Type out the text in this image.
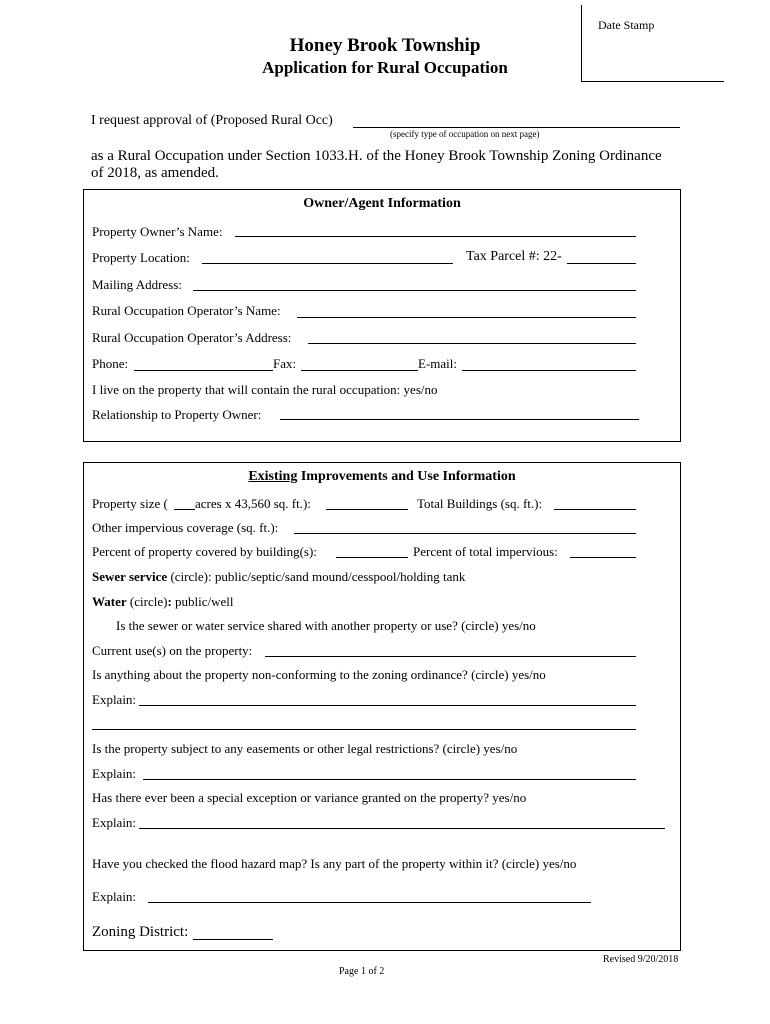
Date Stamp
Honey Brook Township
Application for Rural Occupation
I request approval of (Proposed Rural Occ)
(specify type of occupation on next page)
as a Rural Occupation under Section 1033.H. of the Honey Brook Township Zoning Ordinance
of 2018, as amended.
Owner/Agent Information
Property Owner’s Name:
Property Location:	Tax Parcel #: 22-
Mailing Address:
Rural Occupation Operator’s Name:
Rural Occupation Operator’s Address:
Phone:	Fax:	E-mail:
I live on the property that will contain the rural occupation: yes/no
Relationship to Property Owner:
Existing Improvements and Use Information
Property size ( acres x 43,560 sq. ft.):	Total Buildings (sq. ft.):
Other impervious coverage (sq. ft.):
Percent of property covered by building(s):	Percent of total impervious:
Sewer service (circle): public/septic/sand mound/cesspool/holding tank
Water (circle): public/well
Is the sewer or water service shared with another property or use? (circle) yes/no
Current use(s) on the property:
Is anything about the property non-conforming to the zoning ordinance? (circle) yes/no
Explain:
Is the property subject to any easements or other legal restrictions? (circle) yes/no
Explain:
Has there ever been a special exception or variance granted on the property? yes/no
Explain:
Have you checked the flood hazard map? Is any part of the property within it? (circle) yes/no
Explain:
Zoning District:
Revised 9/20/2018
Page 1 of 2
